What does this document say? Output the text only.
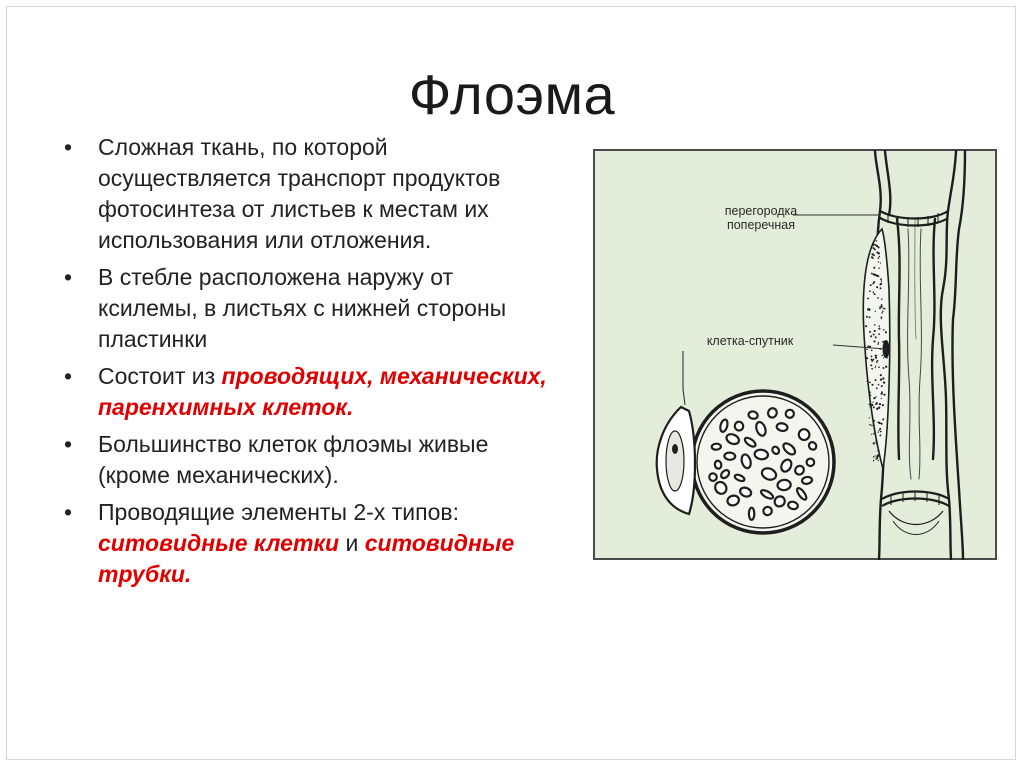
Флоэма
• Сложная ткань, по которой осуществляется транспорт продуктов фотосинтеза от листьев к местам их использования или отложения.
• В стебле расположена наружу от ксилемы, в листьях с нижней стороны пластинки
• Состоит из проводящих, механических, паренхимных клеток.
• Большинство клеток флоэмы живые (кроме механических).
• Проводящие элементы 2-х типов: ситовидные клетки и ситовидные трубки.
перегородка
поперечная
клетка-спутник
